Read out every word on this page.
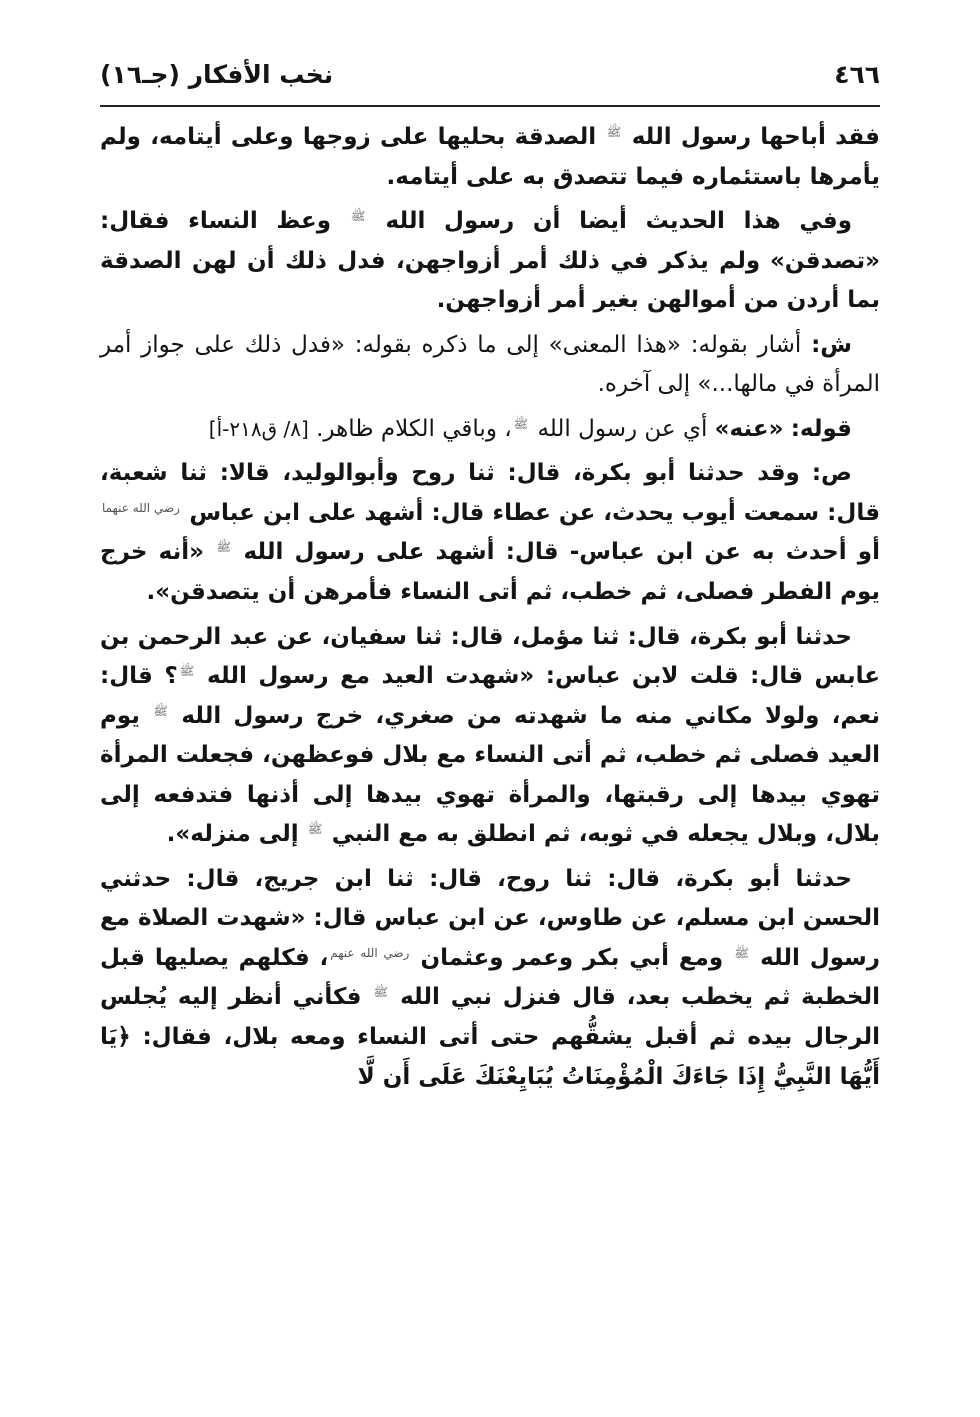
٤٦٦
نخب الأفكار (جـ١٦)

فقد أباحها رسول الله $^ﷺ$ الصدقة بحليها على زوجها وعلى أيتامه، ولم يأمرها باستئماره فيما تتصدق به على أيتامه.

وفي هذا الحديث أيضا أن رسول الله $^ﷺ$ وعظ النساء فقال: «تصدقن» ولم يذكر في ذلك أمر أزواجهن، فدل ذلك أن لهن الصدقة بما أردن من أموالهن بغير أمر أزواجهن.

ش: أشار بقوله: «هذا المعنى» إلى ما ذكره بقوله: «فدل ذلك على جواز أمر المرأة في مالها...» إلى آخره.

قوله: «عنه» أي عن رسول الله $^ﷺ$، وباقي الكلام ظاهر. [٨/ ق٢١٨-أ]

ص: وقد حدثنا أبو بكرة، قال: ثنا روح وأبوالوليد، قالا: ثنا شعبة، قال: سمعت أيوب يحدث، عن عطاء قال: أشهد على ابن عباس $^{رضي الله عنهما}$ أو أحدث به عن ابن عباس- قال: أشهد على رسول الله $^ﷺ$ «أنه خرج يوم الفطر فصلى، ثم خطب، ثم أتى النساء فأمرهن أن يتصدقن».

حدثنا أبو بكرة، قال: ثنا مؤمل، قال: ثنا سفيان، عن عبد الرحمن بن عابس قال: قلت لابن عباس: «شهدت العيد مع رسول الله $^ﷺ$؟ قال: نعم، ولولا مكاني منه ما شهدته من صغري، خرج رسول الله $^ﷺ$ يوم العيد فصلى ثم خطب، ثم أتى النساء مع بلال فوعظهن، فجعلت المرأة تهوي بيدها إلى رقبتها، والمرأة تهوي بيدها إلى أذنها فتدفعه إلى بلال، وبلال يجعله في ثوبه، ثم انطلق به مع النبي $^ﷺ$ إلى منزله».

حدثنا أبو بكرة، قال: ثنا روح، قال: ثنا ابن جريج، قال: حدثني الحسن ابن مسلم، عن طاوس، عن ابن عباس قال: «شهدت الصلاة مع رسول الله $^ﷺ$ ومع أبي بكر وعمر وعثمان $^{رضي الله عنهم}$، فكلهم يصليها قبل الخطبة ثم يخطب بعد، قال فنزل نبي الله $^ﷺ$ فكأني أنظر إليه يُجلس الرجال بيده ثم أقبل يشقُّهم حتى أتى النساء ومعه بلال، فقال: ﴿يَا أَيُّهَا النَّبِيُّ إِذَا جَاءَكَ الْمُؤْمِنَاتُ يُبَايِعْنَكَ عَلَى أَن لَّا
